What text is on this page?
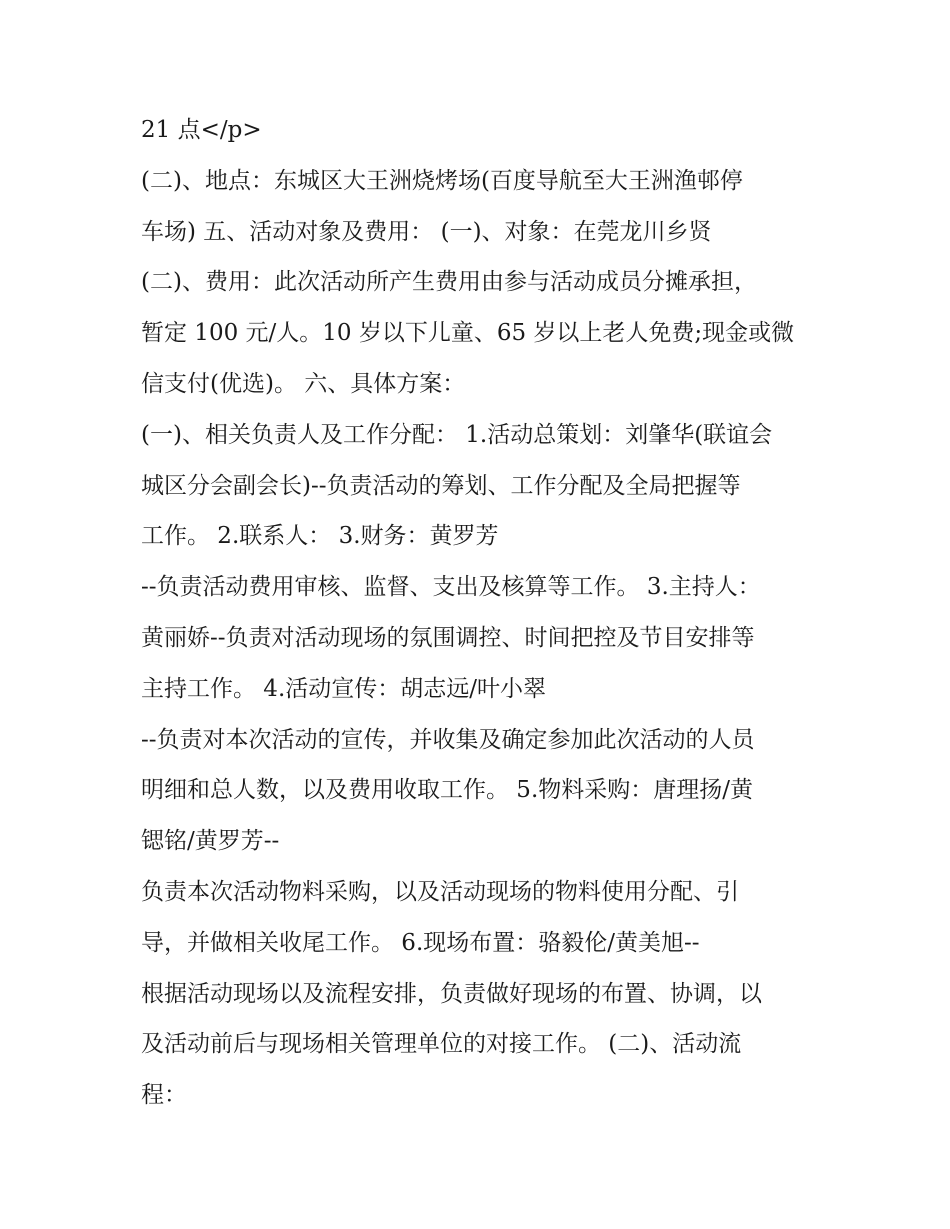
21 点</p>
(二)、地点：东城区大王洲烧烤场(百度导航至大王洲渔邨停
车场) 五、活动对象及费用： (一)、对象：在莞龙川乡贤
(二)、费用：此次活动所产生费用由参与活动成员分摊承担，
暂定 100 元/人。10 岁以下儿童、65 岁以上老人免费;现金或微
信支付(优选)。 六、具体方案：
(一)、相关负责人及工作分配： 1.活动总策划：刘肇华(联谊会
城区分会副会长)--负责活动的筹划、工作分配及全局把握等
工作。 2.联系人： 3.财务：黄罗芳
--负责活动费用审核、监督、支出及核算等工作。 3.主持人：
黄丽娇--负责对活动现场的氛围调控、时间把控及节目安排等
主持工作。 4.活动宣传：胡志远/叶小翠
--负责对本次活动的宣传，并收集及确定参加此次活动的人员
明细和总人数，以及费用收取工作。 5.物料采购：唐理扬/黄
锶铭/黄罗芳--
负责本次活动物料采购，以及活动现场的物料使用分配、引
导，并做相关收尾工作。 6.现场布置：骆毅伦/黄美旭--
根据活动现场以及流程安排，负责做好现场的布置、协调，以
及活动前后与现场相关管理单位的对接工作。 (二)、活动流
程：
